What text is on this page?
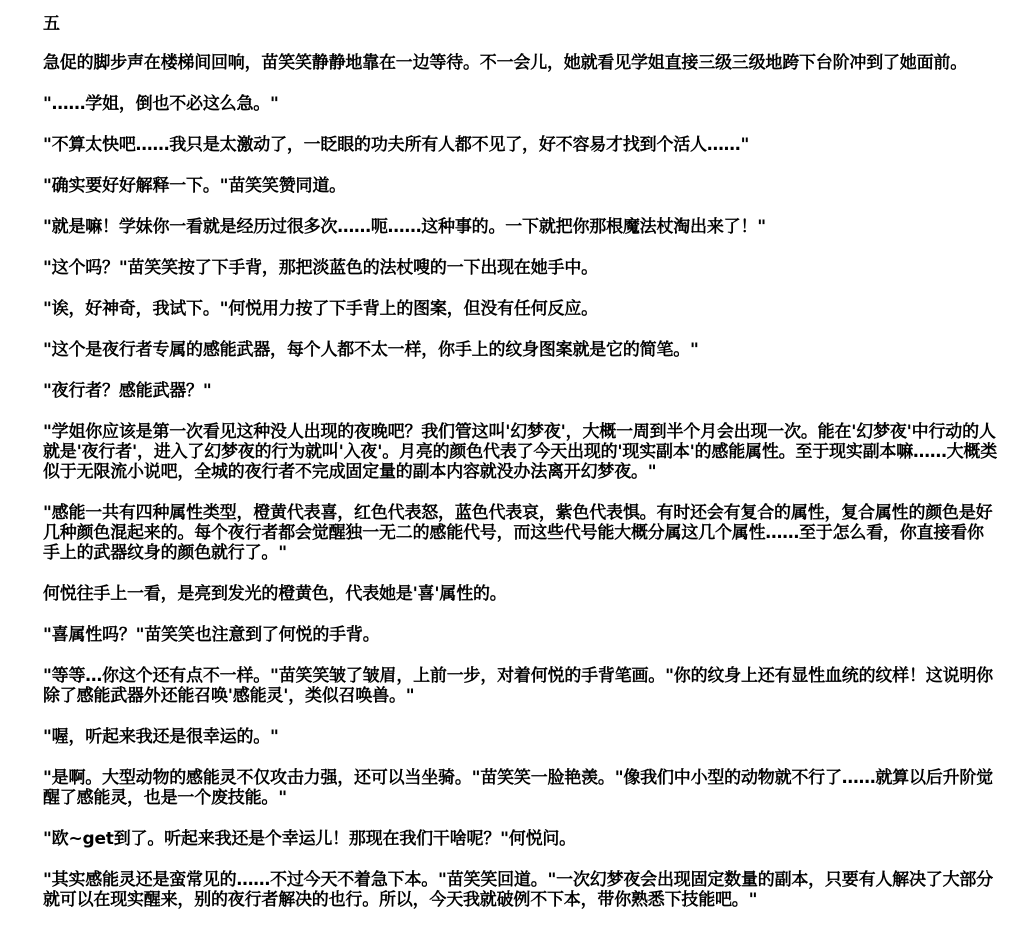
五
急促的脚步声在楼梯间回响，苗笑笑静静地靠在一边等待。不一会儿，她就看见学姐直接三级三级地跨下台阶冲到了她面前。
"……学姐，倒也不必这么急。"
"不算太快吧……我只是太激动了，一眨眼的功夫所有人都不见了，好不容易才找到个活人……"
"确实要好好解释一下。"苗笑笑赞同道。
"就是嘛！学妹你一看就是经历过很多次……呃……这种事的。一下就把你那根魔法杖淘出来了！"
"这个吗？"苗笑笑按了下手背，那把淡蓝色的法杖嗖的一下出现在她手中。
"诶，好神奇，我试下。"何悦用力按了下手背上的图案，但没有任何反应。
"这个是夜行者专属的感能武器，每个人都不太一样，你手上的纹身图案就是它的简笔。"
"夜行者？感能武器？"
"学姐你应该是第一次看见这种没人出现的夜晚吧？我们管这叫'幻梦夜'，大概一周到半个月会出现一次。能在'幻梦夜'中行动的人就是'夜行者'，进入了幻梦夜的行为就叫'入夜'。月亮的颜色代表了今天出现的'现实副本'的感能属性。至于现实副本嘛……大概类似于无限流小说吧，全城的夜行者不完成固定量的副本内容就没办法离开幻梦夜。"
"感能一共有四种属性类型，橙黄代表喜，红色代表怒，蓝色代表哀，紫色代表惧。有时还会有复合的属性，复合属性的颜色是好几种颜色混起来的。每个夜行者都会觉醒独一无二的感能代号，而这些代号能大概分属这几个属性……至于怎么看，你直接看你手上的武器纹身的颜色就行了。"
何悦往手上一看，是亮到发光的橙黄色，代表她是'喜'属性的。
"喜属性吗？"苗笑笑也注意到了何悦的手背。
"等等…你这个还有点不一样。"苗笑笑皱了皱眉，上前一步，对着何悦的手背笔画。"你的纹身上还有显性血统的纹样！这说明你除了感能武器外还能召唤'感能灵'，类似召唤兽。"
"喔，听起来我还是很幸运的。"
"是啊。大型动物的感能灵不仅攻击力强，还可以当坐骑。"苗笑笑一脸艳羡。"像我们中小型的动物就不行了……就算以后升阶觉醒了感能灵，也是一个废技能。"
"欧~get到了。听起来我还是个幸运儿！那现在我们干啥呢？"何悦问。
"其实感能灵还是蛮常见的……不过今天不着急下本。"苗笑笑回道。"一次幻梦夜会出现固定数量的副本，只要有人解决了大部分就可以在现实醒来，别的夜行者解决的也行。所以，今天我就破例不下本，带你熟悉下技能吧。"
